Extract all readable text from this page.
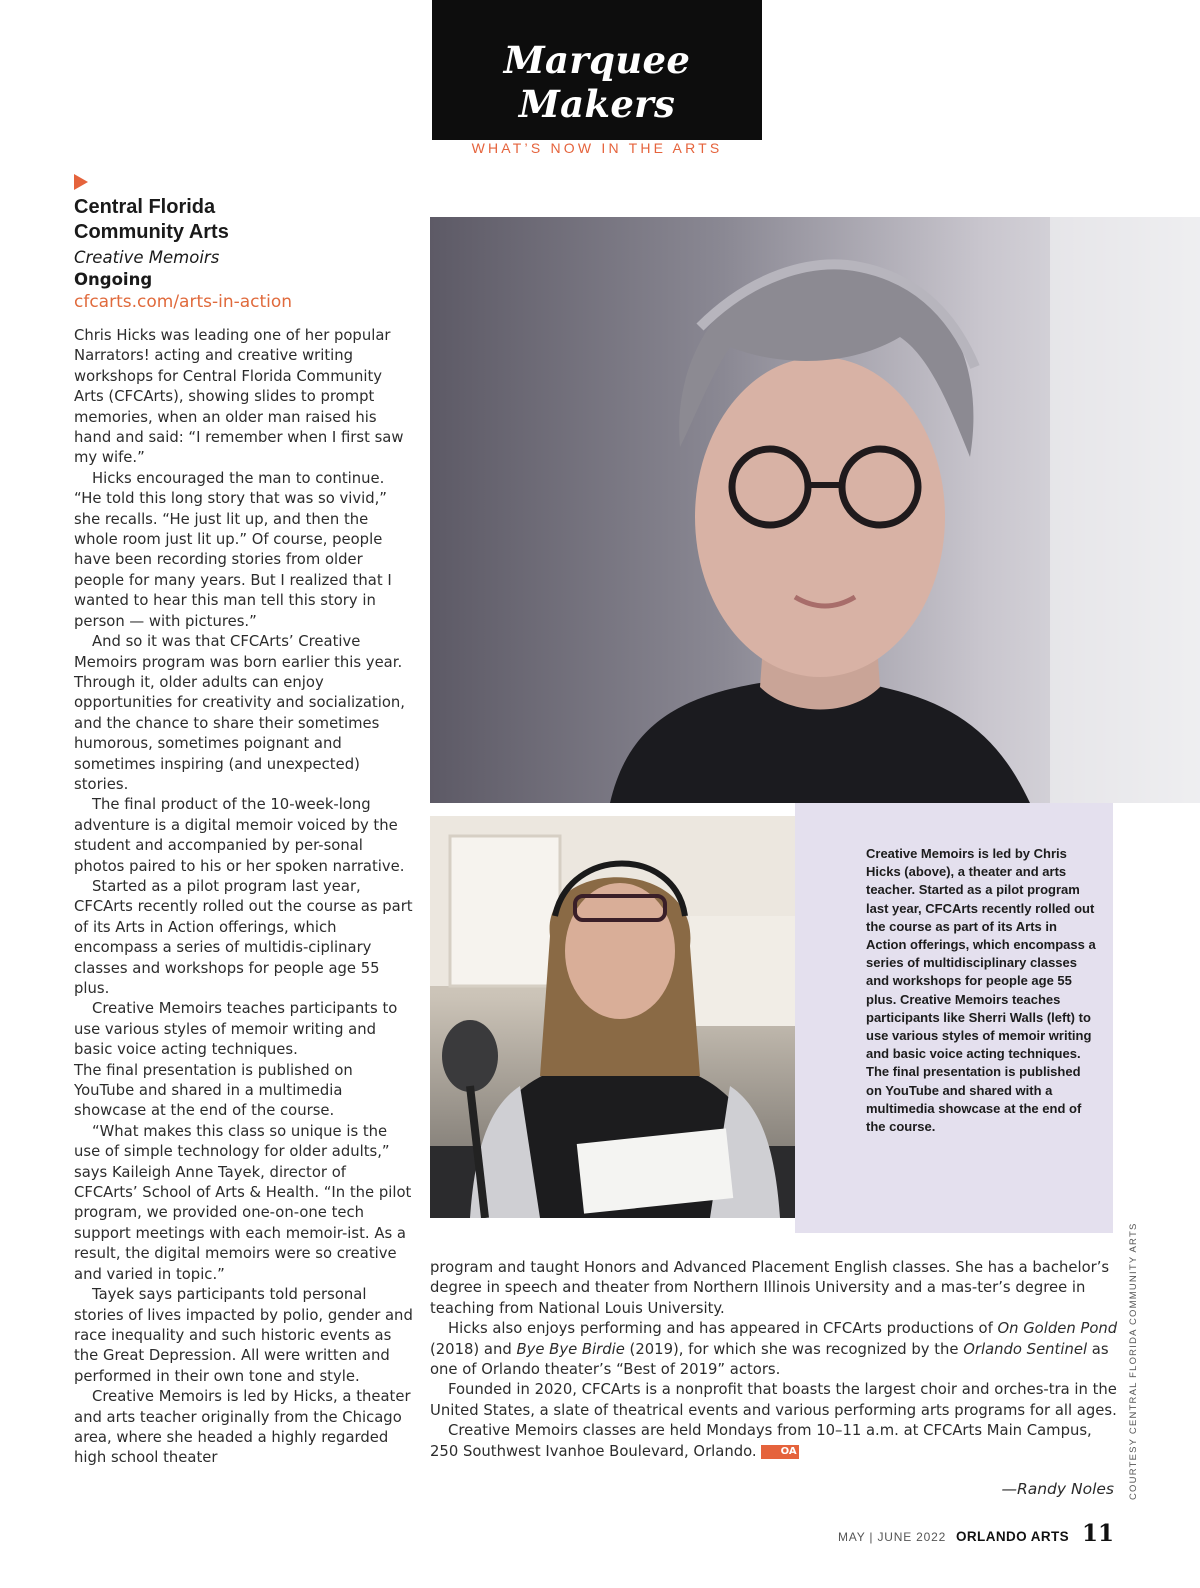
Marquee Makers
WHAT’S NOW IN THE ARTS
Central Florida
Community Arts
Creative Memoirs
Ongoing
cfcarts.com/arts-in-action

Chris Hicks was leading one of her popular Narrators! acting and creative writing workshops for Central Florida Community Arts (CFCArts), showing slides to prompt memories, when an older man raised his hand and said: “I remember when I first saw my wife.”

Hicks encouraged the man to continue. “He told this long story that was so vivid,” she recalls. “He just lit up, and then the whole room just lit up.” Of course, people have been recording stories from older people for many years. But I realized that I wanted to hear this man tell this story in person — with pictures.”

And so it was that CFCArts’ Creative Memoirs program was born earlier this year. Through it, older adults can enjoy opportunities for creativity and socialization, and the chance to share their sometimes humorous, sometimes poignant and sometimes inspiring (and unexpected) stories.

The final product of the 10-week-long adventure is a digital memoir voiced by the student and accompanied by per-sonal photos paired to his or her spoken narrative.

Started as a pilot program last year, CFCArts recently rolled out the course as part of its Arts in Action offerings, which encompass a series of multidis-ciplinary classes and workshops for people age 55 plus.

Creative Memoirs teaches participants to use various styles of memoir writing and basic voice acting techniques.

The final presentation is published on YouTube and shared in a multimedia showcase at the end of the course.

“What makes this class so unique is the use of simple technology for older adults,” says Kaileigh Anne Tayek, director of CFCArts’ School of Arts & Health. “In the pilot program, we provided one-on-one tech support meetings with each memoir-ist. As a result, the digital memoirs were so creative and varied in topic.”

Tayek says participants told personal stories of lives impacted by polio, gender and race inequality and such historic events as the Great Depression. All were written and performed in their own tone and style.

Creative Memoirs is led by Hicks, a theater and arts teacher originally from the Chicago area, where she headed a highly regarded high school theater

Creative Memoirs is led by Chris Hicks (above), a theater and arts teacher. Started as a pilot program last year, CFCArts recently rolled out the course as part of its Arts in Action offerings, which encompass a series of multidisciplinary classes and workshops for people age 55 plus. Creative Memoirs teaches participants like Sherri Walls (left) to use various styles of memoir writing and basic voice acting techniques. The final presentation is published on YouTube and shared with a multimedia showcase at the end of the course.
COURTESY CENTRAL FLORIDA COMMUNITY ARTS

program and taught Honors and Advanced Placement English classes. She has a bachelor’s degree in speech and theater from Northern Illinois University and a mas-ter’s degree in teaching from National Louis University.

Hicks also enjoys performing and has appeared in CFCArts productions of On Golden Pond (2018) and Bye Bye Birdie (2019), for which she was recognized by the Orlando Sentinel as one of Orlando theater’s “Best of 2019” actors.

Founded in 2020, CFCArts is a nonprofit that boasts the largest choir and orches-tra in the United States, a slate of theatrical events and various performing arts programs for all ages.

Creative Memoirs classes are held Mondays from 10–11 a.m. at CFCArts Main Campus, 250 Southwest Ivanhoe Boulevard, Orlando. OA

—Randy Noles
MAY | JUNE 2022 ORLANDO ARTS 11
